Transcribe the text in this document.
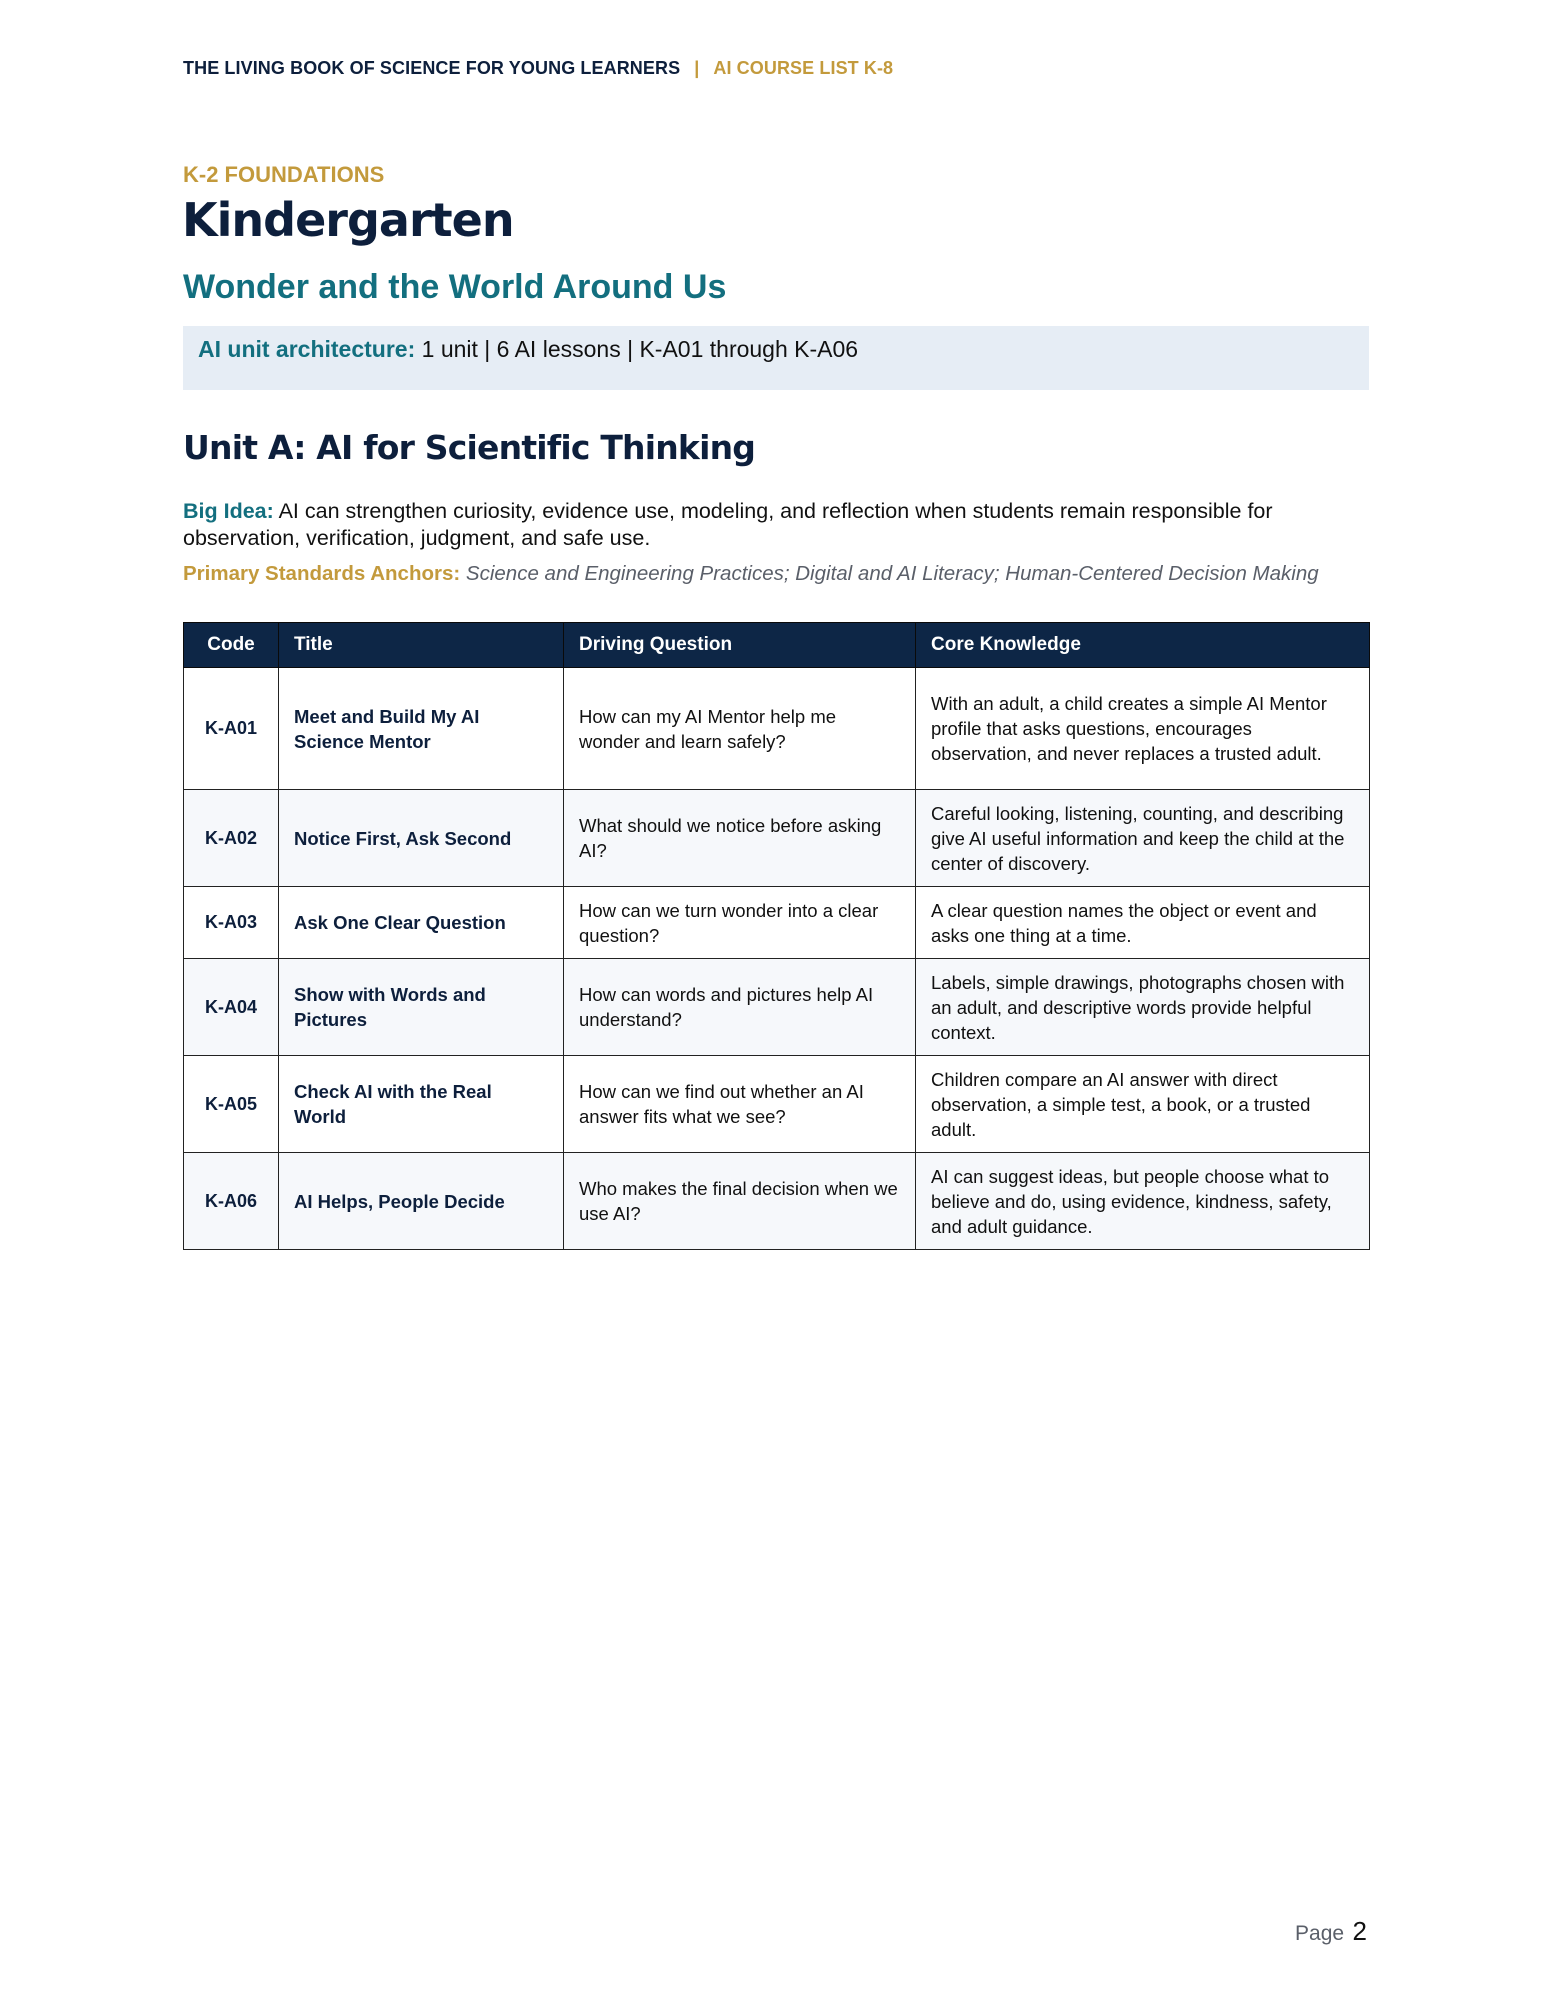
THE LIVING BOOK OF SCIENCE FOR YOUNG LEARNERS | AI COURSE LIST K-8
K-2 FOUNDATIONS
Kindergarten
Wonder and the World Around Us
AI unit architecture: 1 unit | 6 AI lessons | K-A01 through K-A06
Unit A: AI for Scientific Thinking
Big Idea: AI can strengthen curiosity, evidence use, modeling, and reflection when students remain responsible for observation, verification, judgment, and safe use.
Primary Standards Anchors: Science and Engineering Practices; Digital and AI Literacy; Human-Centered Decision Making
Code	Title	Driving Question	Core Knowledge
K-A01	Meet and Build My AI Science Mentor	How can my AI Mentor help me wonder and learn safely?	With an adult, a child creates a simple AI Mentor profile that asks questions, encourages observation, and never replaces a trusted adult.
K-A02	Notice First, Ask Second	What should we notice before asking AI?	Careful looking, listening, counting, and describing give AI useful information and keep the child at the center of discovery.
K-A03	Ask One Clear Question	How can we turn wonder into a clear question?	A clear question names the object or event and asks one thing at a time.
K-A04	Show with Words and Pictures	How can words and pictures help AI understand?	Labels, simple drawings, photographs chosen with an adult, and descriptive words provide helpful context.
K-A05	Check AI with the Real World	How can we find out whether an AI answer fits what we see?	Children compare an AI answer with direct observation, a simple test, a book, or a trusted adult.
K-A06	AI Helps, People Decide	Who makes the final decision when we use AI?	AI can suggest ideas, but people choose what to believe and do, using evidence, kindness, safety, and adult guidance.
Page 2
